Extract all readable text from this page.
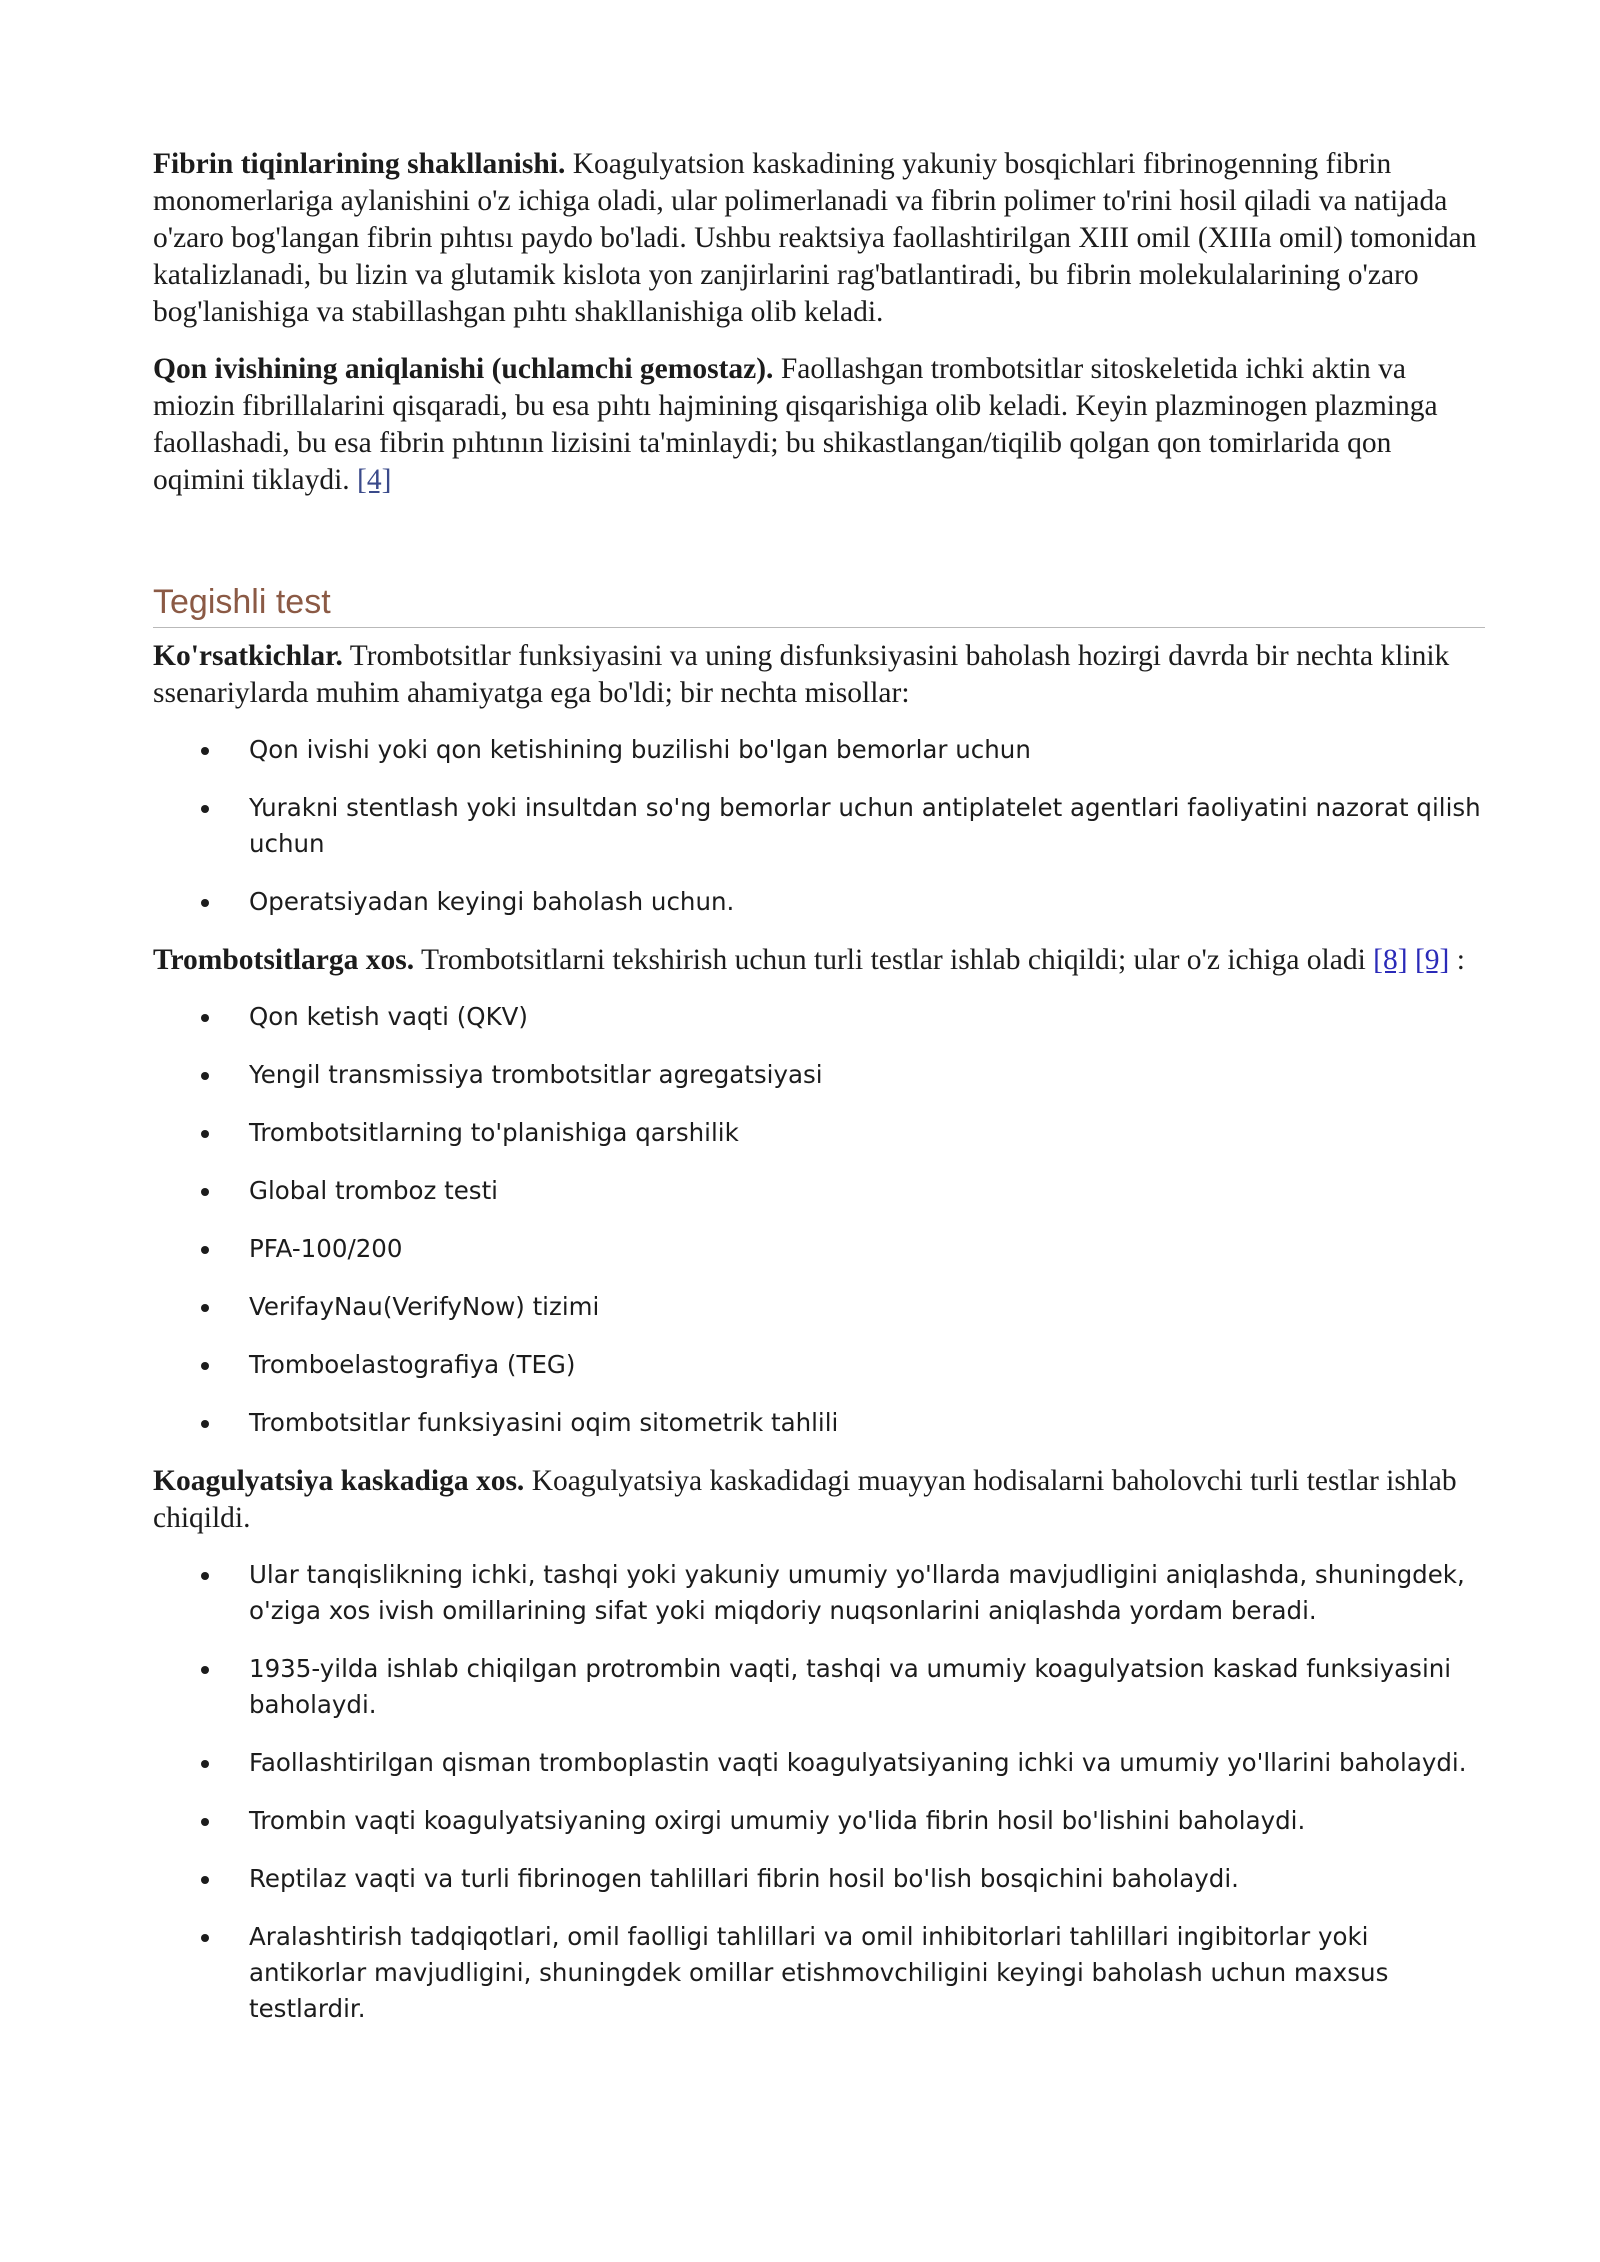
Fibrin tiqinlarining shakllanishi. Koagulyatsion kaskadining yakuniy bosqichlari fibrinogenning fibrin monomerlariga aylanishini o'z ichiga oladi, ular polimerlanadi va fibrin polimer to'rini hosil qiladi va natijada o'zaro bog'langan fibrin pıhtısı paydo bo'ladi. Ushbu reaktsiya faollashtirilgan XIII omil (XIIIa omil) tomonidan katalizlanadi, bu lizin va glutamik kislota yon zanjirlarini rag'batlantiradi, bu fibrin molekulalarining o'zaro bog'lanishiga va stabillashgan pıhtı shakllanishiga olib keladi.

Qon ivishining aniqlanishi (uchlamchi gemostaz). Faollashgan trombotsitlar sitoskeletida ichki aktin va miozin fibrillalarini qisqaradi, bu esa pıhtı hajmining qisqarishiga olib keladi. Keyin plazminogen plazminga faollashadi, bu esa fibrin pıhtının lizisini ta'minlaydi; bu shikastlangan/tiqilib qolgan qon tomirlarida qon oqimini tiklaydi. [4]

Tegishli test

Ko'rsatkichlar. Trombotsitlar funksiyasini va uning disfunksiyasini baholash hozirgi davrda bir nechta klinik ssenariylarda muhim ahamiyatga ega bo'ldi; bir nechta misollar:

Qon ivishi yoki qon ketishining buzilishi bo'lgan bemorlar uchun
Yurakni stentlash yoki insultdan so'ng bemorlar uchun antiplatelet agentlari faoliyatini nazorat qilish uchun
Operatsiyadan keyingi baholash uchun.

Trombotsitlarga xos. Trombotsitlarni tekshirish uchun turli testlar ishlab chiqildi; ular o'z ichiga oladi [8] [9] :

Qon ketish vaqti (QKV)
Yengil transmissiya trombotsitlar agregatsiyasi
Trombotsitlarning to'planishiga qarshilik
Global tromboz testi
PFA-100/200
VerifayNau(VerifyNow) tizimi
Tromboelastografiya (TEG)
Trombotsitlar funksiyasini oqim sitometrik tahlili

Koagulyatsiya kaskadiga xos. Koagulyatsiya kaskadidagi muayyan hodisalarni baholovchi turli testlar ishlab chiqildi.

Ular tanqislikning ichki, tashqi yoki yakuniy umumiy yo'llarda mavjudligini aniqlashda, shuningdek, o'ziga xos ivish omillarining sifat yoki miqdoriy nuqsonlarini aniqlashda yordam beradi.
1935-yilda ishlab chiqilgan protrombin vaqti, tashqi va umumiy koagulyatsion kaskad funksiyasini baholaydi.
Faollashtirilgan qisman tromboplastin vaqti koagulyatsiyaning ichki va umumiy yo'llarini baholaydi.
Trombin vaqti koagulyatsiyaning oxirgi umumiy yo'lida fibrin hosil bo'lishini baholaydi.
Reptilaz vaqti va turli fibrinogen tahlillari fibrin hosil bo'lish bosqichini baholaydi.
Aralashtirish tadqiqotlari, omil faolligi tahlillari va omil inhibitorlari tahlillari ingibitorlar yoki antikorlar mavjudligini, shuningdek omillar etishmovchiligini keyingi baholash uchun maxsus testlardir.
